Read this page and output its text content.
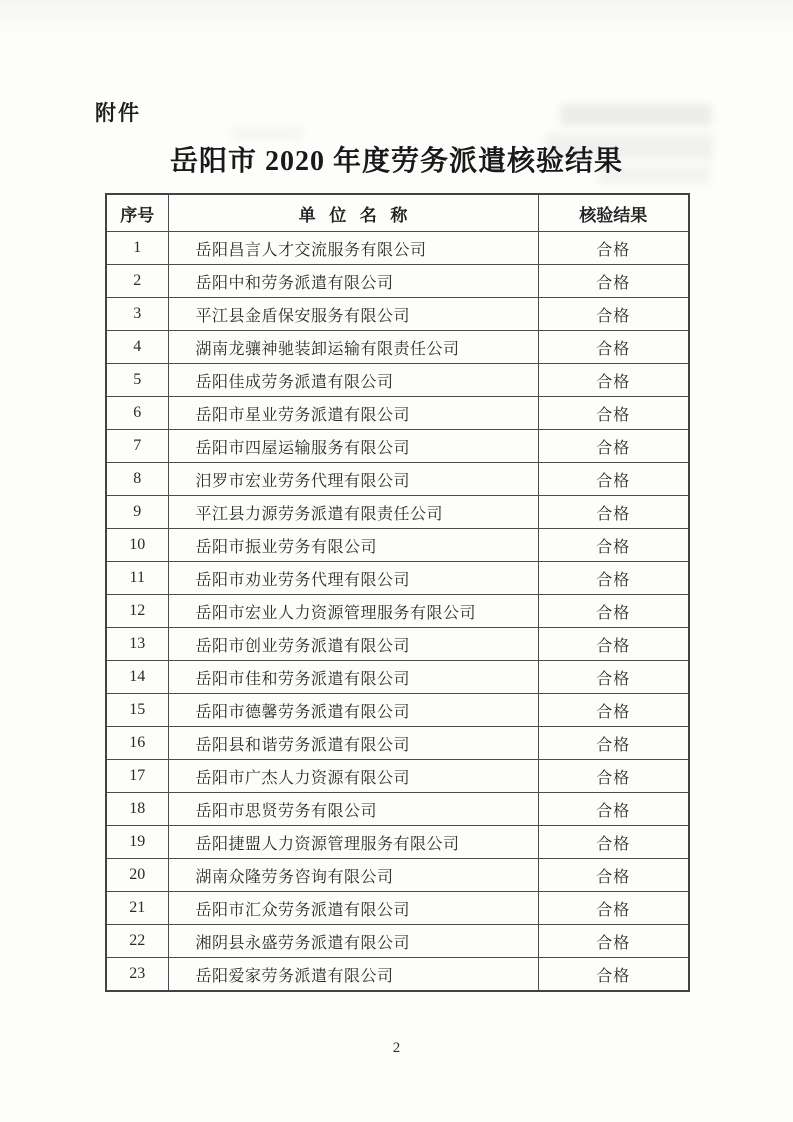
附件
岳阳市 2020 年度劳务派遣核验结果
序号	单 位 名 称	核验结果
1	岳阳昌言人才交流服务有限公司	合格
2	岳阳中和劳务派遣有限公司	合格
3	平江县金盾保安服务有限公司	合格
4	湖南龙骧神驰装卸运输有限责任公司	合格
5	岳阳佳成劳务派遣有限公司	合格
6	岳阳市星业劳务派遣有限公司	合格
7	岳阳市四屋运输服务有限公司	合格
8	汨罗市宏业劳务代理有限公司	合格
9	平江县力源劳务派遣有限责任公司	合格
10	岳阳市振业劳务有限公司	合格
11	岳阳市劝业劳务代理有限公司	合格
12	岳阳市宏业人力资源管理服务有限公司	合格
13	岳阳市创业劳务派遣有限公司	合格
14	岳阳市佳和劳务派遣有限公司	合格
15	岳阳市德馨劳务派遣有限公司	合格
16	岳阳县和谐劳务派遣有限公司	合格
17	岳阳市广杰人力资源有限公司	合格
18	岳阳市思贤劳务有限公司	合格
19	岳阳捷盟人力资源管理服务有限公司	合格
20	湖南众隆劳务咨询有限公司	合格
21	岳阳市汇众劳务派遣有限公司	合格
22	湘阴县永盛劳务派遣有限公司	合格
23	岳阳爱家劳务派遣有限公司	合格
2
